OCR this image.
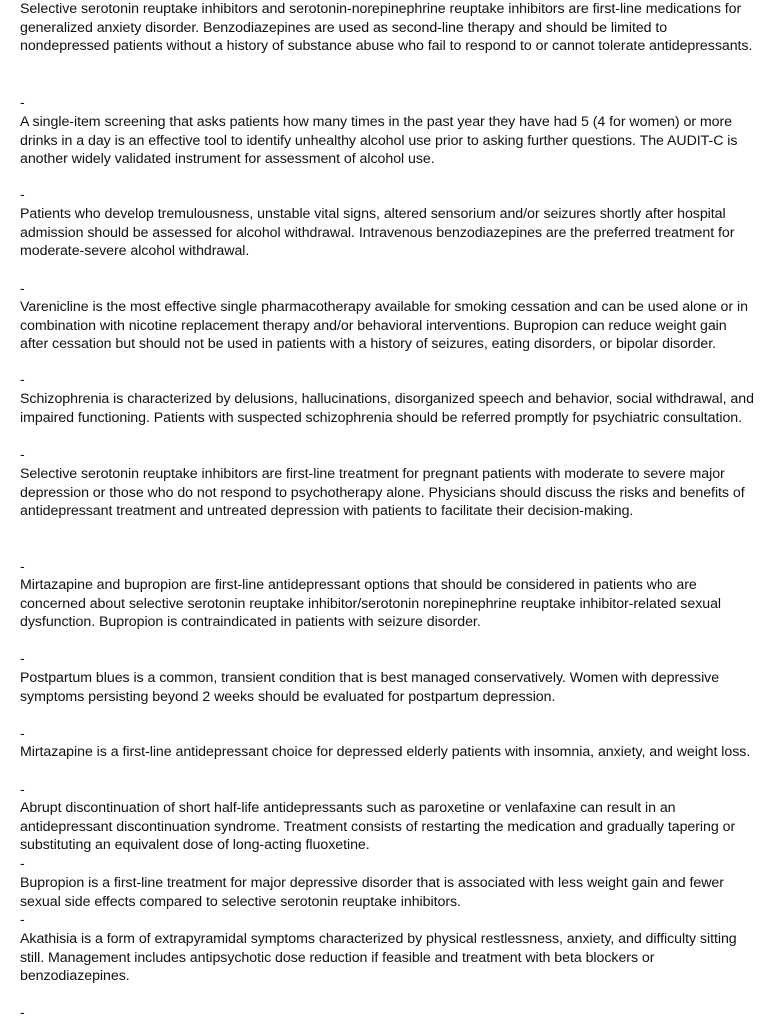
Selective serotonin reuptake inhibitors and serotonin-norepinephrine reuptake inhibitors are first-line medications for generalized anxiety disorder. Benzodiazepines are used as second-line therapy and should be limited to nondepressed patients without a history of substance abuse who fail to respond to or cannot tolerate antidepressants.

-

A single-item screening that asks patients how many times in the past year they have had 5 (4 for women) or more drinks in a day is an effective tool to identify unhealthy alcohol use prior to asking further questions. The AUDIT-C is another widely validated instrument for assessment of alcohol use.

-

Patients who develop tremulousness, unstable vital signs, altered sensorium and/or seizures shortly after hospital admission should be assessed for alcohol withdrawal. Intravenous benzodiazepines are the preferred treatment for moderate-severe alcohol withdrawal.

-

Varenicline is the most effective single pharmacotherapy available for smoking cessation and can be used alone or in combination with nicotine replacement therapy and/or behavioral interventions. Bupropion can reduce weight gain after cessation but should not be used in patients with a history of seizures, eating disorders, or bipolar disorder.

-

Schizophrenia is characterized by delusions, hallucinations, disorganized speech and behavior, social withdrawal, and impaired functioning. Patients with suspected schizophrenia should be referred promptly for psychiatric consultation.

-

Selective serotonin reuptake inhibitors are first-line treatment for pregnant patients with moderate to severe major depression or those who do not respond to psychotherapy alone. Physicians should discuss the risks and benefits of antidepressant treatment and untreated depression with patients to facilitate their decision-making.

-

Mirtazapine and bupropion are first-line antidepressant options that should be considered in patients who are concerned about selective serotonin reuptake inhibitor/serotonin norepinephrine reuptake inhibitor-related sexual dysfunction. Bupropion is contraindicated in patients with seizure disorder.

-

Postpartum blues is a common, transient condition that is best managed conservatively. Women with depressive symptoms persisting beyond 2 weeks should be evaluated for postpartum depression.

-

Mirtazapine is a first-line antidepressant choice for depressed elderly patients with insomnia, anxiety, and weight loss.

-

Abrupt discontinuation of short half-life antidepressants such as paroxetine or venlafaxine can result in an antidepressant discontinuation syndrome. Treatment consists of restarting the medication and gradually tapering or substituting an equivalent dose of long-acting fluoxetine.

-

Bupropion is a first-line treatment for major depressive disorder that is associated with less weight gain and fewer sexual side effects compared to selective serotonin reuptake inhibitors.

-

Akathisia is a form of extrapyramidal symptoms characterized by physical restlessness, anxiety, and difficulty sitting still. Management includes antipsychotic dose reduction if feasible and treatment with beta blockers or benzodiazepines.

-
